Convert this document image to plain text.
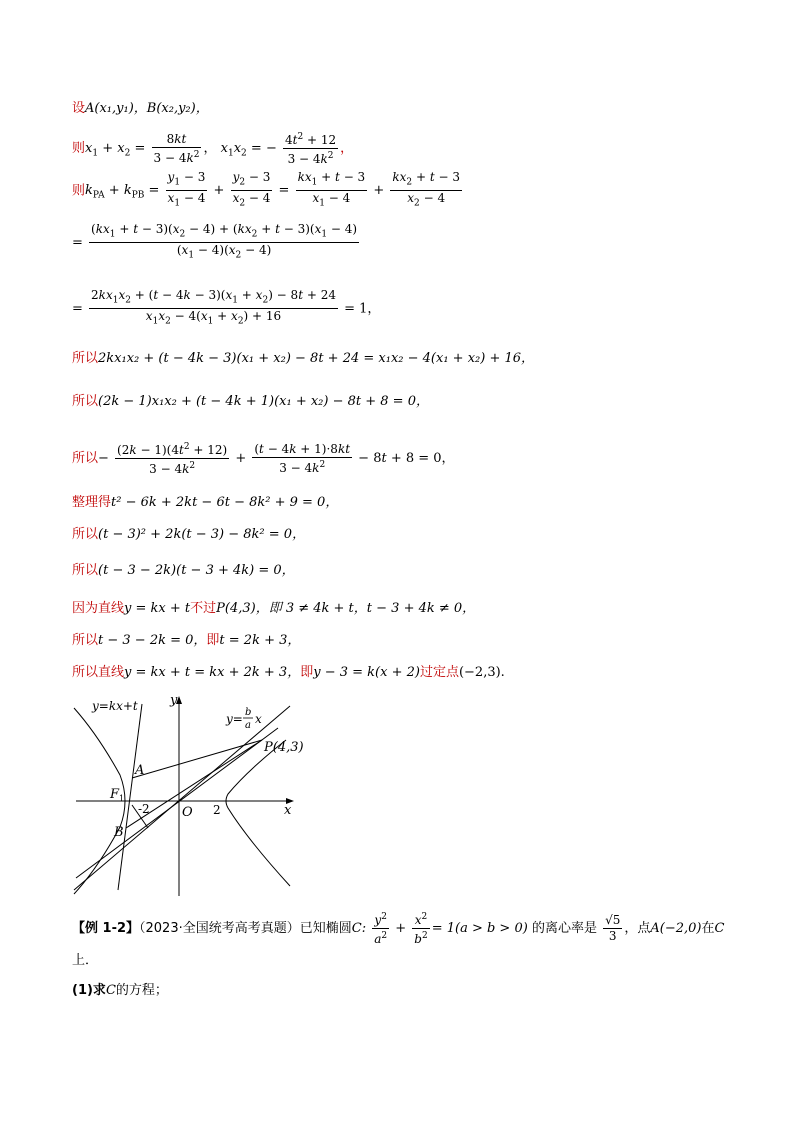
设A(x₁,y₁)，B(x₂,y₂)，
则$x_1 + x_2 = \frac{8kt}{3 - 4k^2}$ ， $x_1x_2$ = − $\frac{4t^2 + 12}{3 - 4k^2}$ ，
则$k_{PA} + k_{PB} = \frac{y_1 - 3}{x_1 - 4} + \frac{y_2 - 3}{x_2 - 4} = \frac{kx_1 + t - 3}{x_1 - 4} + \frac{kx_2 + t - 3}{x_2 - 4}$
= $\frac{(kx_1 + t - 3)(x_2 - 4) + (kx_2 + t - 3)(x_1 - 4)}{(x_1 - 4)(x_2 - 4)}$
= $\frac{2kx_1x_2 + (t - 4k - 3)(x_1 + x_2) - 8t + 24}{x_1x_2 - 4(x_1 + x_2) + 16} = 1$，
所以2kx₁x₂ + (t − 4k − 3)(x₁ + x₂) − 8t + 24 = x₁x₂ − 4(x₁ + x₂) + 16，
所以(2k − 1)x₁x₂ + (t − 4k + 1)(x₁ + x₂) − 8t + 8 = 0，
所以− $\frac{(2k - 1)(4t^2 + 12)}{3 - 4k^2} + \frac{(t - 4k + 1)\cdot 8kt}{3 - 4k^2} - 8t + 8 = 0$，
整理得t² − 6k + 2kt − 6t − 8k² + 9 = 0，
所以(t − 3)² + 2k(t − 3) − 8k² = 0，
所以(t − 3 − 2k)(t − 3 + 4k) = 0，
因为直线y = kx + t不过P(4,3)，即 3 ≠ 4k + t，t − 3 + 4k ≠ 0，
所以t − 3 − 2k = 0，即t = 2k + 3，
所以直线y = kx + t = kx + 2k + 3，即y − 3 = k(x + 2)过定点(−2,3).
y=kx+t
y= b
a x
P(4,3)
A
B
F 1
-2 O 2	x
y
【例 1-2】（2023·全国统考高考真题）已知椭圆C: $\frac{y^2}{a^2} + \frac{x^2}{b^2} = 1(a > b > 0)$ 的离心率是 $\frac{√5}{3}$ ，点A(−2,0)在C
上．
(1)求C的方程；
